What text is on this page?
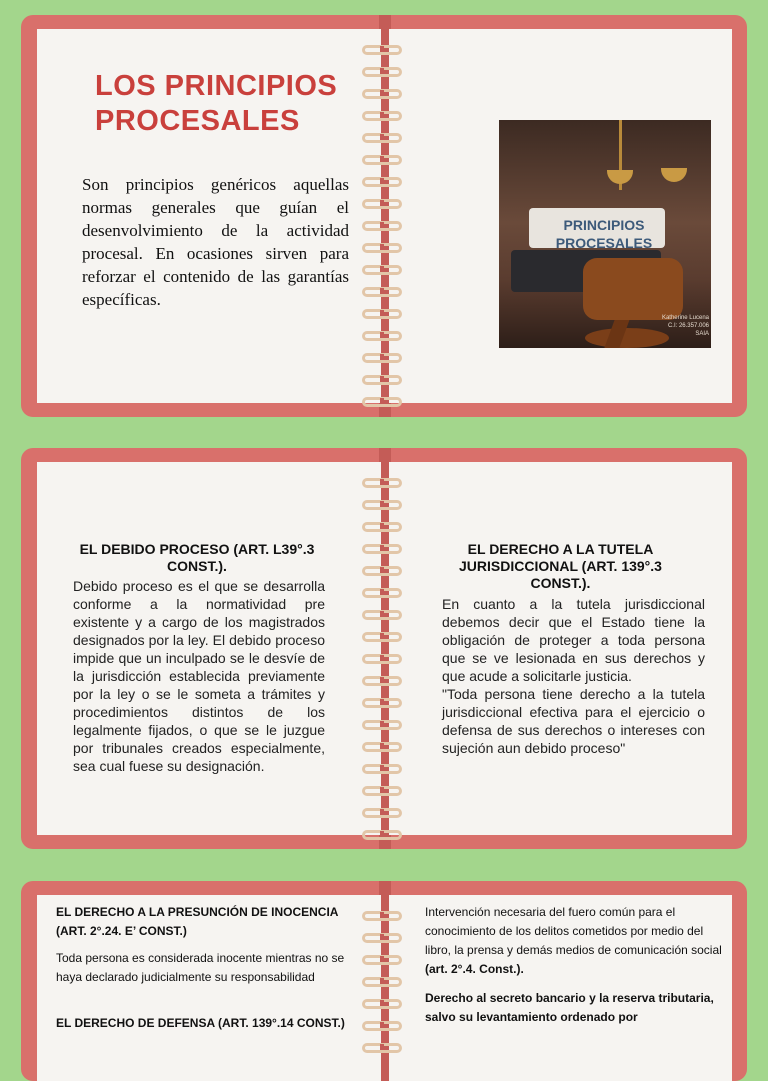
LOS PRINCIPIOS
PROCESALES

Son principios genéricos aquellas normas generales que guían el desenvolvimiento de la actividad procesal. En ocasiones sirven para reforzar el contenido de las garantías específicas.

PRINCIPIOS
PROCESALES
Katherine Lucena
C.I: 26.357.006
SAIA

EL DEBIDO PROCESO (ART. L39°.3 CONST.).

Debido proceso es el que se desarrolla conforme a la normatividad pre existente y a cargo de los magistrados designados por la ley. El debido proceso impide que un inculpado se le desvíe de la jurisdicción establecida previamente por la ley o se le someta a trámites y procedimientos distintos de los legalmente fijados, o que se le juzgue por tribunales creados especialmente, sea cual fuese su designación.

EL DERECHO A LA TUTELA JURISDICCIONAL (ART. 139°.3 CONST.).

En cuanto a la tutela jurisdiccional debemos decir que el Estado tiene la obligación de proteger a toda persona que se ve lesionada en sus derechos y que acude a solicitarle justicia.

"Toda persona tiene derecho a la tutela jurisdiccional efectiva para el ejercicio o defensa de sus derechos o intereses con sujeción aun debido proceso"

EL DERECHO A LA PRESUNCIÓN DE INOCENCIA (ART. 2°.24. E’ CONST.)

Toda persona es considerada inocente mientras no se haya declarado judicialmente su responsabilidad

EL DERECHO DE DEFENSA (ART. 139°.14 CONST.)

Intervención necesaria del fuero común para el conocimiento de los delitos cometidos por medio del libro, la prensa y demás medios de comunicación social (art. 2°.4. Const.).

Derecho al secreto bancario y la reserva tributaria, salvo su levantamiento ordenado por
